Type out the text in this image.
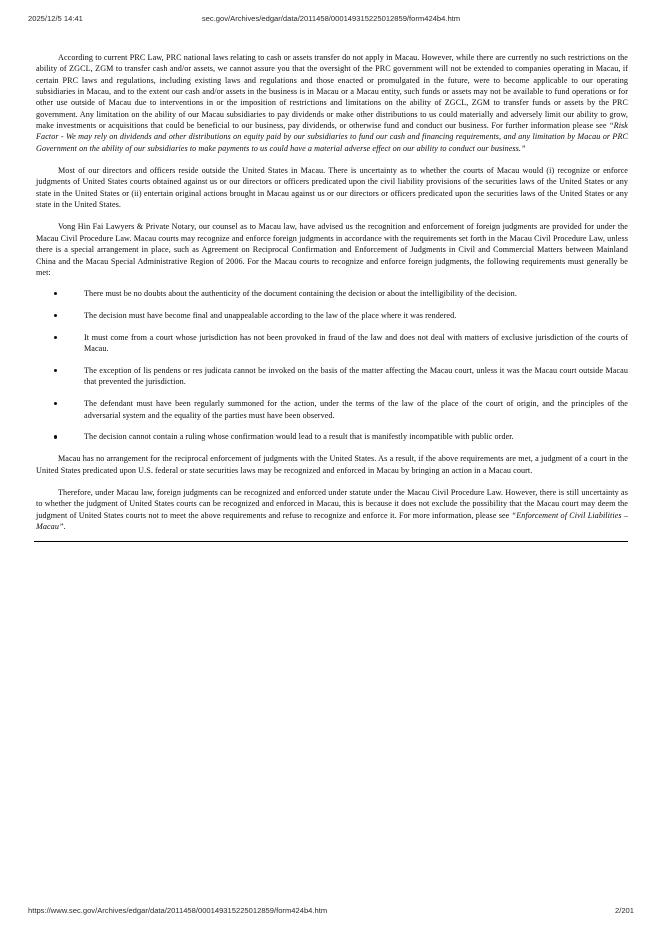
2025/12/5 14:41	sec.gov/Archives/edgar/data/2011458/000149315225012859/form424b4.htm

According to current PRC Law, PRC national laws relating to cash or assets transfer do not apply in Macau. However, while there are currently no such restrictions on the ability of ZGCL, ZGM to transfer cash and/or assets, we cannot assure you that the oversight of the PRC government will not be extended to companies operating in Macau, if certain PRC laws and regulations, including existing laws and regulations and those enacted or promulgated in the future, were to become applicable to our operating subsidiaries in Macau, and to the extent our cash and/or assets in the business is in Macau or a Macau entity, such funds or assets may not be available to fund operations or for other use outside of Macau due to interventions in or the imposition of restrictions and limitations on the ability of ZGCL, ZGM to transfer funds or assets by the PRC government. Any limitation on the ability of our Macau subsidiaries to pay dividends or make other distributions to us could materially and adversely limit our ability to grow, make investments or acquisitions that could be beneficial to our business, pay dividends, or otherwise fund and conduct our business. For further information please see “Risk Factor - We may rely on dividends and other distributions on equity paid by our subsidiaries to fund our cash and financing requirements, and any limitation by Macau or PRC Government on the ability of our subsidiaries to make payments to us could have a material adverse effect on our ability to conduct our business.”

Most of our directors and officers reside outside the United States in Macau. There is uncertainty as to whether the courts of Macau would (i) recognize or enforce judgments of United States courts obtained against us or our directors or officers predicated upon the civil liability provisions of the securities laws of the United States or any state in the United States or (ii) entertain original actions brought in Macau against us or our directors or officers predicated upon the securities laws of the United States or any state in the United States.

Vong Hin Fai Lawyers & Private Notary, our counsel as to Macau law, have advised us the recognition and enforcement of foreign judgments are provided for under the Macau Civil Procedure Law. Macau courts may recognize and enforce foreign judgments in accordance with the requirements set forth in the Macau Civil Procedure Law, unless there is a special arrangement in place, such as Agreement on Reciprocal Confirmation and Enforcement of Judgments in Civil and Commercial Matters between Mainland China and the Macau Special Administrative Region of 2006. For the Macau courts to recognize and enforce foreign judgments, the following requirements must generally be met:

There must be no doubts about the authenticity of the document containing the decision or about the intelligibility of the decision.
The decision must have become final and unappealable according to the law of the place where it was rendered.
It must come from a court whose jurisdiction has not been provoked in fraud of the law and does not deal with matters of exclusive jurisdiction of the courts of Macau.
The exception of lis pendens or res judicata cannot be invoked on the basis of the matter affecting the Macau court, unless it was the Macau court outside Macau that prevented the jurisdiction.
The defendant must have been regularly summoned for the action, under the terms of the law of the place of the court of origin, and the principles of the adversarial system and the equality of the parties must have been observed.
The decision cannot contain a ruling whose confirmation would lead to a result that is manifestly incompatible with public order.

Macau has no arrangement for the reciprocal enforcement of judgments with the United States. As a result, if the above requirements are met, a judgment of a court in the United States predicated upon U.S. federal or state securities laws may be recognized and enforced in Macau by bringing an action in a Macau court.

Therefore, under Macau law, foreign judgments can be recognized and enforced under statute under the Macau Civil Procedure Law. However, there is still uncertainty as to whether the judgment of United States courts can be recognized and enforced in Macau, this is because it does not exclude the possibility that the Macau court may deem the judgment of United States courts not to meet the above requirements and refuse to recognize and enforce it. For more information, please see “Enforcement of Civil Liabilities – Macau”.

https://www.sec.gov/Archives/edgar/data/2011458/000149315225012859/form424b4.htm	2/201
